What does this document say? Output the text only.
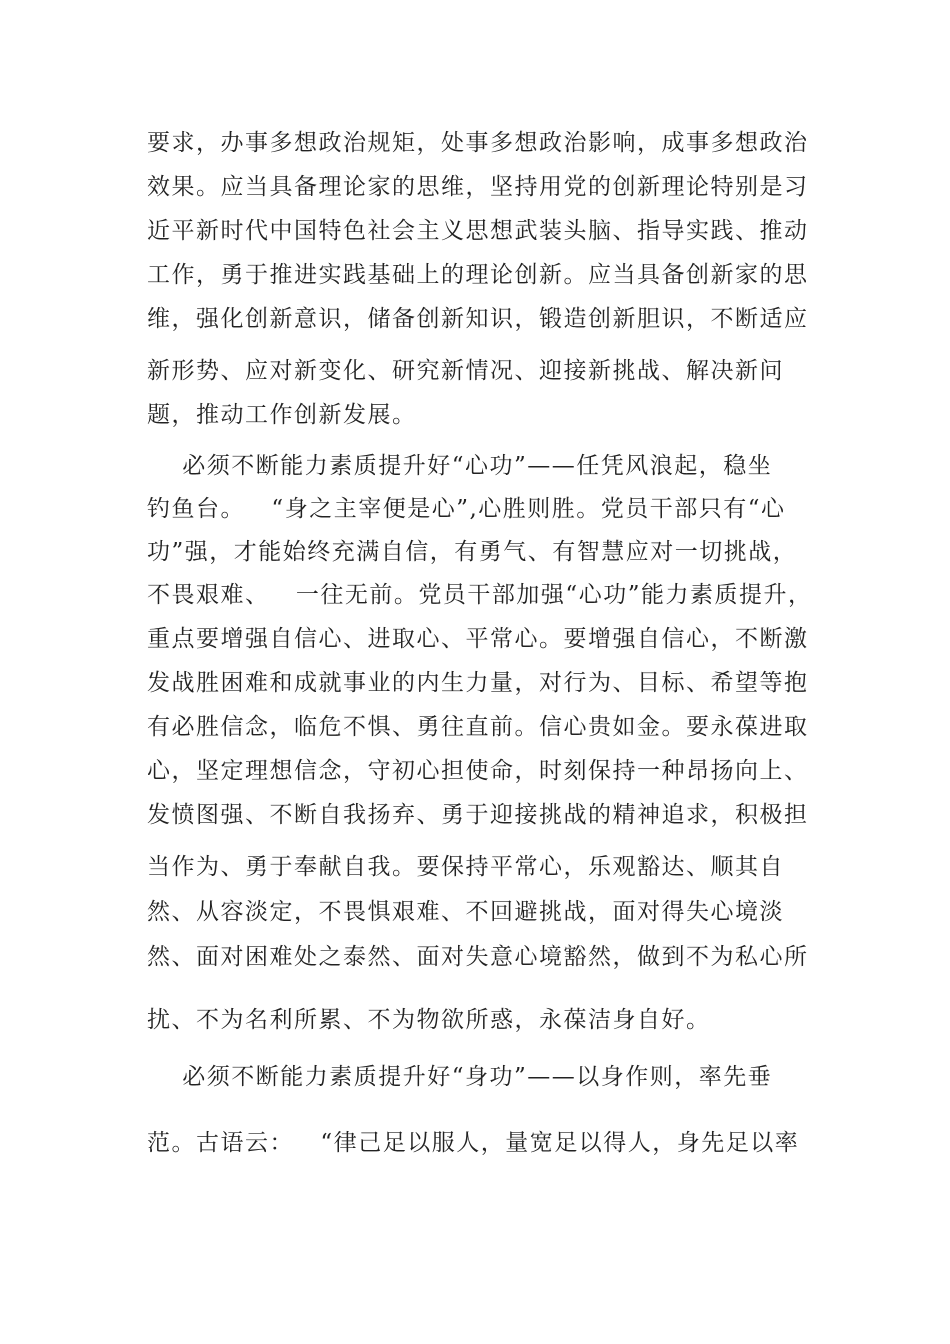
要求，办事多想政治规矩，处事多想政治影响，成事多想政治
效果。应当具备理论家的思维，坚持用党的创新理论特别是习
近平新时代中国特色社会主义思想武装头脑、指导实践、推动
工作，勇于推进实践基础上的理论创新。应当具备创新家的思
维，强化创新意识，储备创新知识，锻造创新胆识，不断适应
新形势、应对新变化、研究新情况、迎接新挑战、解决新问
题，推动工作创新发展。
必须不断能力素质提升好“心功”——任凭风浪起，稳坐
钓鱼台。   “身之主宰便是心”,心胜则胜。党员干部只有“心
功”强，才能始终充满自信，有勇气、有智慧应对一切挑战，
不畏艰难、   一往无前。党员干部加强“心功”能力素质提升，
重点要增强自信心、进取心、平常心。要增强自信心，不断激
发战胜困难和成就事业的内生力量，对行为、目标、希望等抱
有必胜信念，临危不惧、勇往直前。信心贵如金。要永葆进取
心，坚定理想信念，守初心担使命，时刻保持一种昂扬向上、
发愤图强、不断自我扬弃、勇于迎接挑战的精神追求，积极担
当作为、勇于奉献自我。要保持平常心，乐观豁达、顺其自
然、从容淡定，不畏惧艰难、不回避挑战，面对得失心境淡
然、面对困难处之泰然、面对失意心境豁然，做到不为私心所
扰、不为名利所累、不为物欲所惑，永葆洁身自好。
必须不断能力素质提升好“身功”——以身作则，率先垂
范。古语云：   “律己足以服人，量宽足以得人，身先足以率
